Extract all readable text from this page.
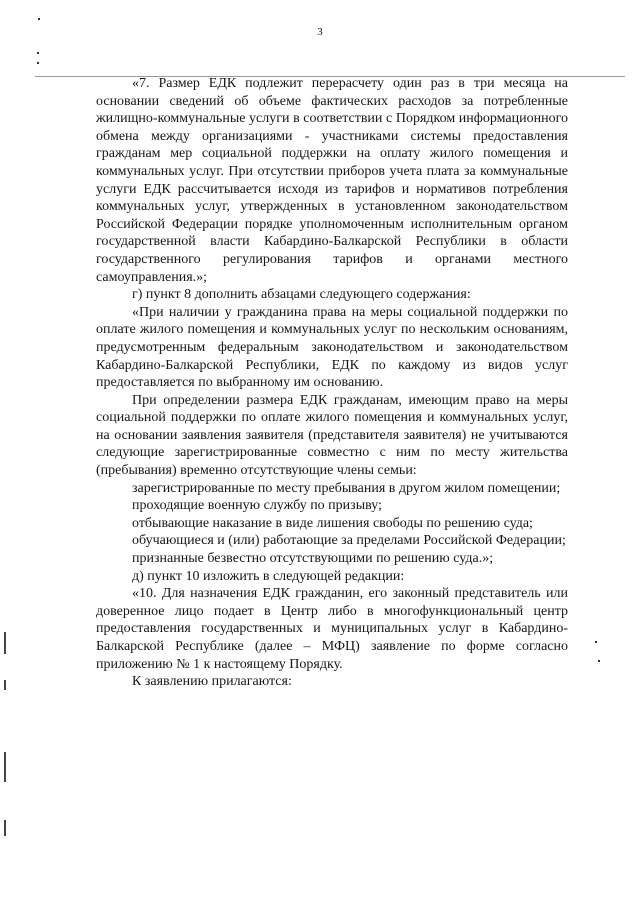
3

«7. Размер ЕДК подлежит перерасчету один раз в три месяца на основании сведений об объеме фактических расходов за потребленные жилищно-коммунальные услуги в соответствии с Порядком информационного обмена между организациями - участниками системы предоставления гражданам мер социальной поддержки на оплату жилого помещения и коммунальных услуг. При отсутствии приборов учета плата за коммунальные услуги ЕДК рассчитывается исходя из тарифов и нормативов потребления коммунальных услуг, утвержденных в установленном законодательством Российской Федерации порядке уполномоченным исполнительным органом государственной власти Кабардино-Балкарской Республики в области государственного регулирования тарифов и органами местного самоуправления.»;

г) пункт 8 дополнить абзацами следующего содержания:

«При наличии у гражданина права на меры социальной поддержки по оплате жилого помещения и коммунальных услуг по нескольким основаниям, предусмотренным федеральным законодательством и законодательством Кабардино-Балкарской Республики, ЕДК по каждому из видов услуг предоставляется по выбранному им основанию.

При определении размера ЕДК гражданам, имеющим право на меры социальной поддержки по оплате жилого помещения и коммунальных услуг, на основании заявления заявителя (представителя заявителя) не учитываются следующие зарегистрированные совместно с ним по месту жительства (пребывания) временно отсутствующие члены семьи:

зарегистрированные по месту пребывания в другом жилом помещении;

проходящие военную службу по призыву;

отбывающие наказание в виде лишения свободы по решению суда;

обучающиеся и (или) работающие за пределами Российской Федерации;

признанные безвестно отсутствующими по решению суда.»;

д) пункт 10 изложить в следующей редакции:

«10. Для назначения ЕДК гражданин, его законный представитель или доверенное лицо подает в Центр либо в многофункциональный центр предоставления государственных и муниципальных услуг в Кабардино-Балкарской Республике (далее – МФЦ) заявление по форме согласно приложению № 1 к настоящему Порядку.

К заявлению прилагаются:
